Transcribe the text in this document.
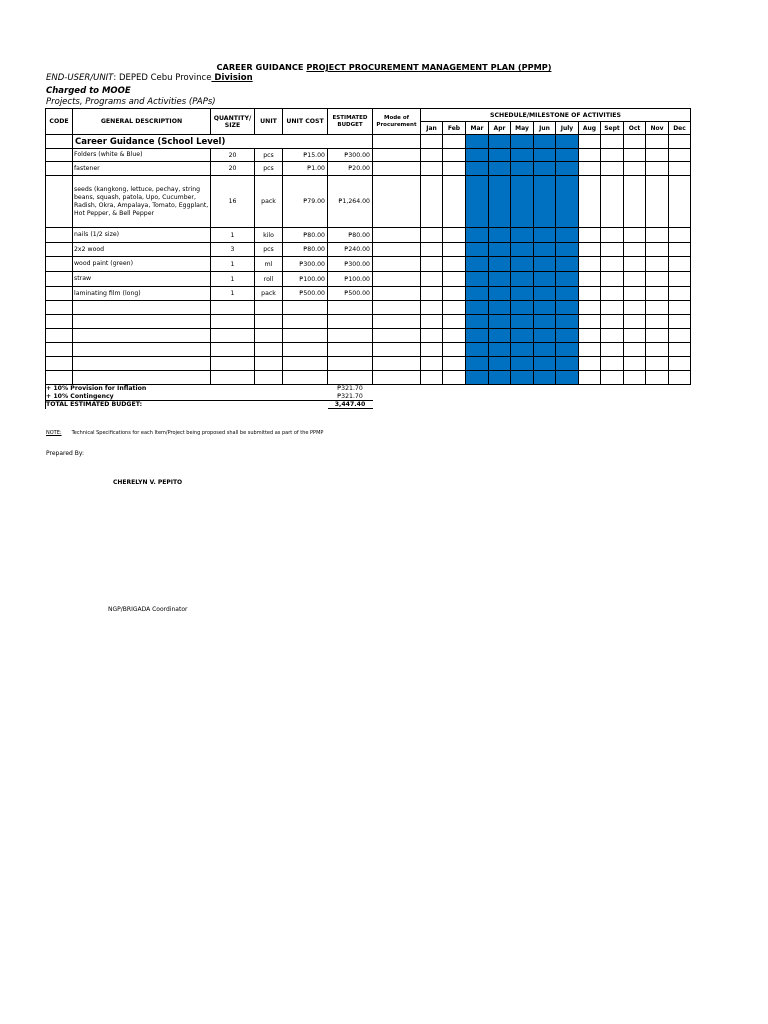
CAREER GUIDANCE PROJECT PROCUREMENT MANAGEMENT PLAN (PPMP)
END-USER/UNIT: DEPED Cebu Province Division
Charged to MOOE
Projects, Programs and Activities (PAPs)
CODE	GENERAL DESCRIPTION	QUANTITY/ SIZE	UNIT	UNIT COST	ESTIMATED BUDGET	Mode of Procurement	SCHEDULE/MILESTONE OF ACTIVITIES											
							Jan	Feb	Mar	Apr	May	Jun	July	Aug	Sept	Oct	Nov	Dec
	Career Guidance (School Level)																	
	Folders (white & Blue)	20	pcs	₱15.00	₱300.00													
	fastener	20	pcs	₱1.00	₱20.00													
	seeds (kangkong, lettuce, pechay, string beans, squash, patola, Upo, Cucumber, Radish, Okra, Ampalaya, Tomato, Eggplant, Hot Pepper, & Bell Pepper	16	pack	₱79.00	₱1,264.00													
	nails (1/2 size)	1	kilo	₱80.00	₱80.00													
	2x2 wood	3	pcs	₱80.00	₱240.00													
	wood paint (green)	1	ml	₱300.00	₱300.00													
	straw	1	roll	₱100.00	₱100.00													
	laminating film (long)	1	pack	₱500.00	₱500.00													

+ 10% Provision for Inflation					₱321.70													
+ 10% Contingency					₱321.70													
TOTAL ESTIMATED BUDGET:					3,447.40													
NOTE: Technical Specifications for each Item/Project being proposed shall be submitted as part of the PPMP
Prepared By:
CHERELYN V. PEPITO
NGP/BRIGADA Coordinator
